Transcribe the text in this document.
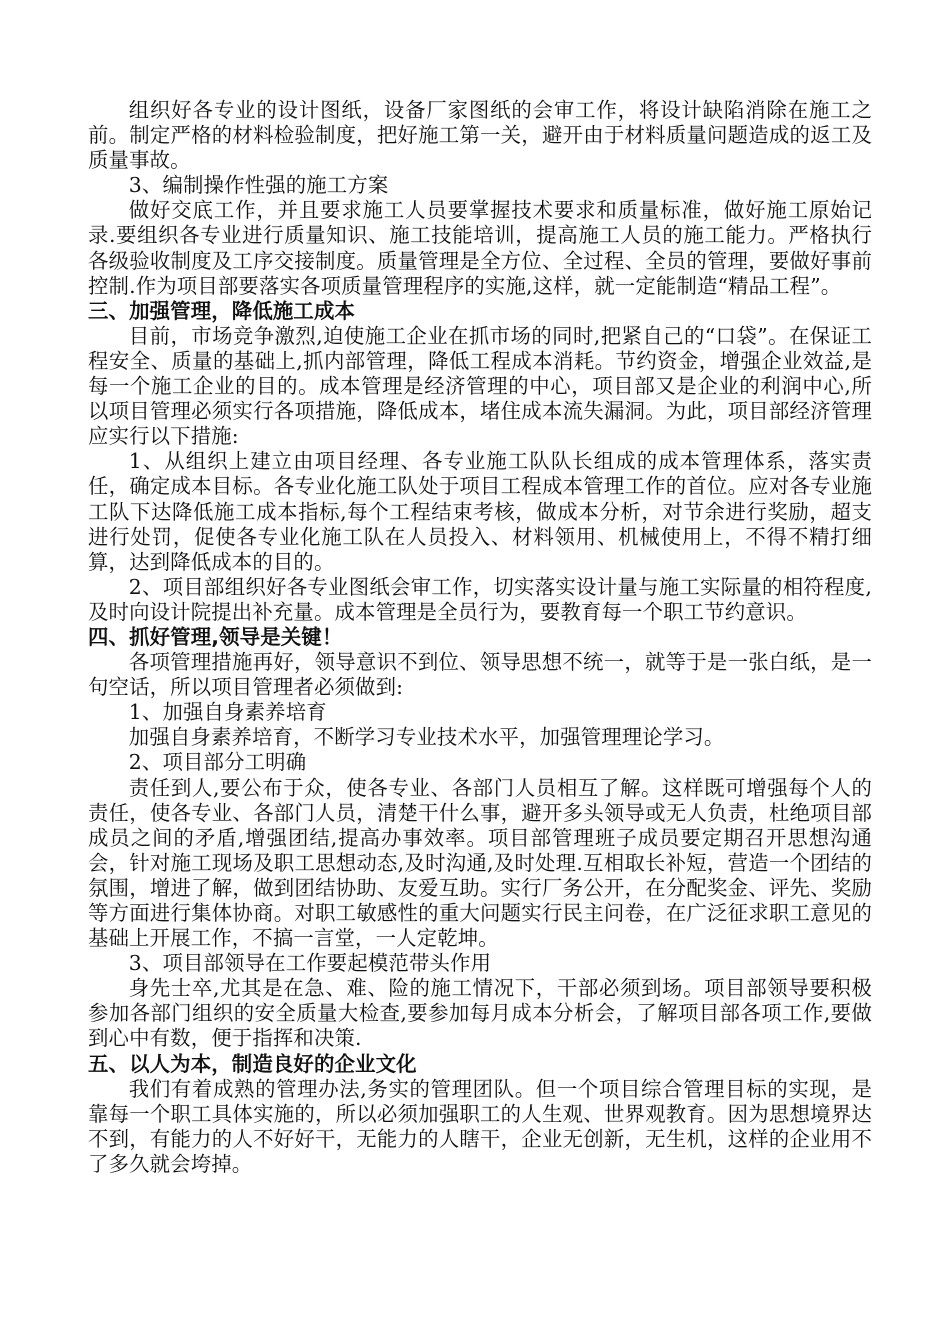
组织好各专业的设计图纸，设备厂家图纸的会审工作，将设计缺陷消除在施工之前。制定严格的材料检验制度，把好施工第一关，避开由于材料质量问题造成的返工及质量事故。

3、编制操作性强的施工方案

做好交底工作，并且要求施工人员要掌握技术要求和质量标准，做好施工原始记录.要组织各专业进行质量知识、施工技能培训，提高施工人员的施工能力。严格执行各级验收制度及工序交接制度。质量管理是全方位、全过程、全员的管理，要做好事前控制.作为项目部要落实各项质量管理程序的实施,这样，就一定能制造“精品工程”。

三、加强管理，降低施工成本

目前，市场竞争激烈,迫使施工企业在抓市场的同时,把紧自己的“口袋”。在保证工程安全、质量的基础上,抓内部管理，降低工程成本消耗。节约资金，增强企业效益,是每一个施工企业的目的。成本管理是经济管理的中心，项目部又是企业的利润中心,所以项目管理必须实行各项措施，降低成本，堵住成本流失漏洞。为此，项目部经济管理应实行以下措施:

1、从组织上建立由项目经理、各专业施工队队长组成的成本管理体系，落实责任，确定成本目标。各专业化施工队处于项目工程成本管理工作的首位。应对各专业施工队下达降低施工成本指标,每个工程结束考核，做成本分析，对节余进行奖励，超支进行处罚，促使各专业化施工队在人员投入、材料领用、机械使用上，不得不精打细算，达到降低成本的目的。

2、项目部组织好各专业图纸会审工作，切实落实设计量与施工实际量的相符程度,及时向设计院提出补充量。成本管理是全员行为，要教育每一个职工节约意识。

四、抓好管理,领导是关键！

各项管理措施再好，领导意识不到位、领导思想不统一，就等于是一张白纸，是一句空话，所以项目管理者必须做到:

1、加强自身素养培育

加强自身素养培育，不断学习专业技术水平，加强管理理论学习。

2、项目部分工明确

责任到人,要公布于众，使各专业、各部门人员相互了解。这样既可增强每个人的责任，使各专业、各部门人员，清楚干什么事，避开多头领导或无人负责，杜绝项目部成员之间的矛盾,增强团结,提高办事效率。项目部管理班子成员要定期召开思想沟通会，针对施工现场及职工思想动态,及时沟通,及时处理.互相取长补短，营造一个团结的氛围，增进了解，做到团结协助、友爱互助。实行厂务公开，在分配奖金、评先、奖励等方面进行集体协商。对职工敏感性的重大问题实行民主问卷，在广泛征求职工意见的基础上开展工作，不搞一言堂，一人定乾坤。

3、项目部领导在工作要起模范带头作用

身先士卒,尤其是在急、难、险的施工情况下，干部必须到场。项目部领导要积极参加各部门组织的安全质量大检查,要参加每月成本分析会，了解项目部各项工作,要做到心中有数，便于指挥和决策.

五、以人为本，制造良好的企业文化

我们有着成熟的管理办法,务实的管理团队。但一个项目综合管理目标的实现，是靠每一个职工具体实施的，所以必须加强职工的人生观、世界观教育。因为思想境界达不到，有能力的人不好好干，无能力的人瞎干，企业无创新，无生机，这样的企业用不了多久就会垮掉。
